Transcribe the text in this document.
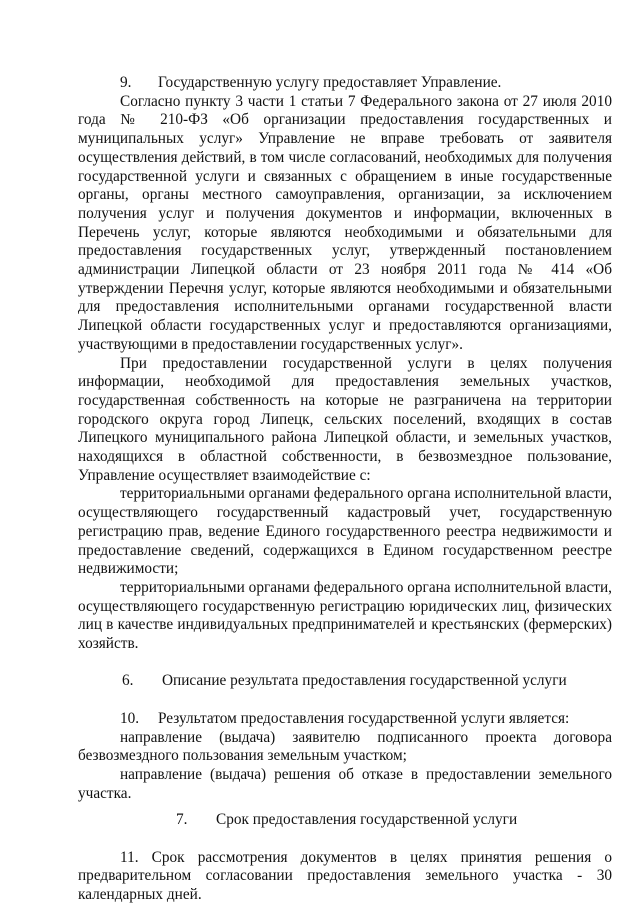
9. Государственную услугу предоставляет Управление.

Согласно пункту 3 части 1 статьи 7 Федерального закона от 27 июля 2010 года № 210-ФЗ «Об организации предоставления государственных и муниципальных услуг» Управление не вправе требовать от заявителя осуществления действий, в том числе согласований, необходимых для получения государственной услуги и связанных с обращением в иные государственные органы, органы местного самоуправления, организации, за исключением получения услуг и получения документов и информации, включенных в Перечень услуг, которые являются необходимыми и обязательными для предоставления государственных услуг, утвержденный постановлением администрации Липецкой области от 23 ноября 2011 года № 414 «Об утверждении Перечня услуг, которые являются необходимыми и обязательными для предоставления исполнительными органами государственной власти Липецкой области государственных услуг и предоставляются организациями, участвующими в предоставлении государственных услуг».

При предоставлении государственной услуги в целях получения информации, необходимой для предоставления земельных участков, государственная собственность на которые не разграничена на территории городского округа город Липецк, сельских поселений, входящих в состав Липецкого муниципального района Липецкой области, и земельных участков, находящихся в областной собственности, в безвозмездное пользование, Управление осуществляет взаимодействие с:

территориальными органами федерального органа исполнительной власти, осуществляющего государственный кадастровый учет, государственную регистрацию прав, ведение Единого государственного реестра недвижимости и предоставление сведений, содержащихся в Едином государственном реестре недвижимости;

территориальными органами федерального органа исполнительной власти, осуществляющего государственную регистрацию юридических лиц, физических лиц в качестве индивидуальных предпринимателей и крестьянских (фермерских) хозяйств.

6. Описание результата предоставления государственной услуги

10. Результатом предоставления государственной услуги является:

направление (выдача) заявителю подписанного проекта договора безвозмездного пользования земельным участком;

направление (выдача) решения об отказе в предоставлении земельного участка.

7. Срок предоставления государственной услуги

11. Срок рассмотрения документов в целях принятия решения о предварительном согласовании предоставления земельного участка - 30 календарных дней.
